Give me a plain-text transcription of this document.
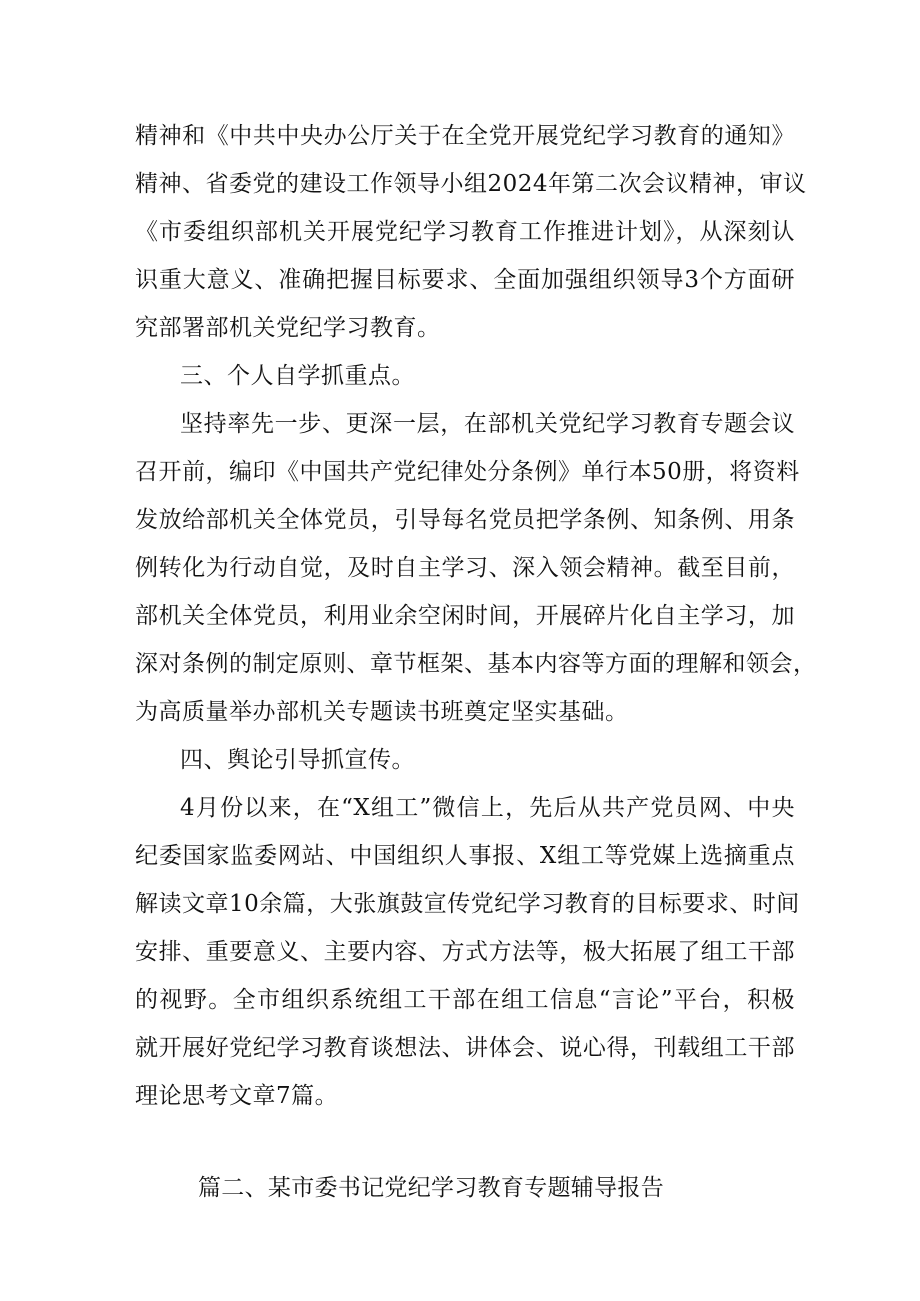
精神和《中共中央办公厅关于在全党开展党纪学习教育的通知》
精神、省委党的建设工作领导小组2024年第二次会议精神，审议
《市委组织部机关开展党纪学习教育工作推进计划》，从深刻认
识重大意义、准确把握目标要求、全面加强组织领导3个方面研
究部署部机关党纪学习教育。
三、个人自学抓重点。
坚持率先一步、更深一层，在部机关党纪学习教育专题会议
召开前，编印《中国共产党纪律处分条例》单行本50册，将资料
发放给部机关全体党员，引导每名党员把学条例、知条例、用条
例转化为行动自觉，及时自主学习、深入领会精神。截至目前，
部机关全体党员，利用业余空闲时间，开展碎片化自主学习，加
深对条例的制定原则、章节框架、基本内容等方面的理解和领会，
为高质量举办部机关专题读书班奠定坚实基础。
四、舆论引导抓宣传。
4月份以来，在“X组工”微信上，先后从共产党员网、中央
纪委国家监委网站、中国组织人事报、X组工等党媒上选摘重点
解读文章10余篇，大张旗鼓宣传党纪学习教育的目标要求、时间
安排、重要意义、主要内容、方式方法等，极大拓展了组工干部
的视野。全市组织系统组工干部在组工信息“言论”平台，积极
就开展好党纪学习教育谈想法、讲体会、说心得，刊载组工干部
理论思考文章7篇。
篇二、某市委书记党纪学习教育专题辅导报告
